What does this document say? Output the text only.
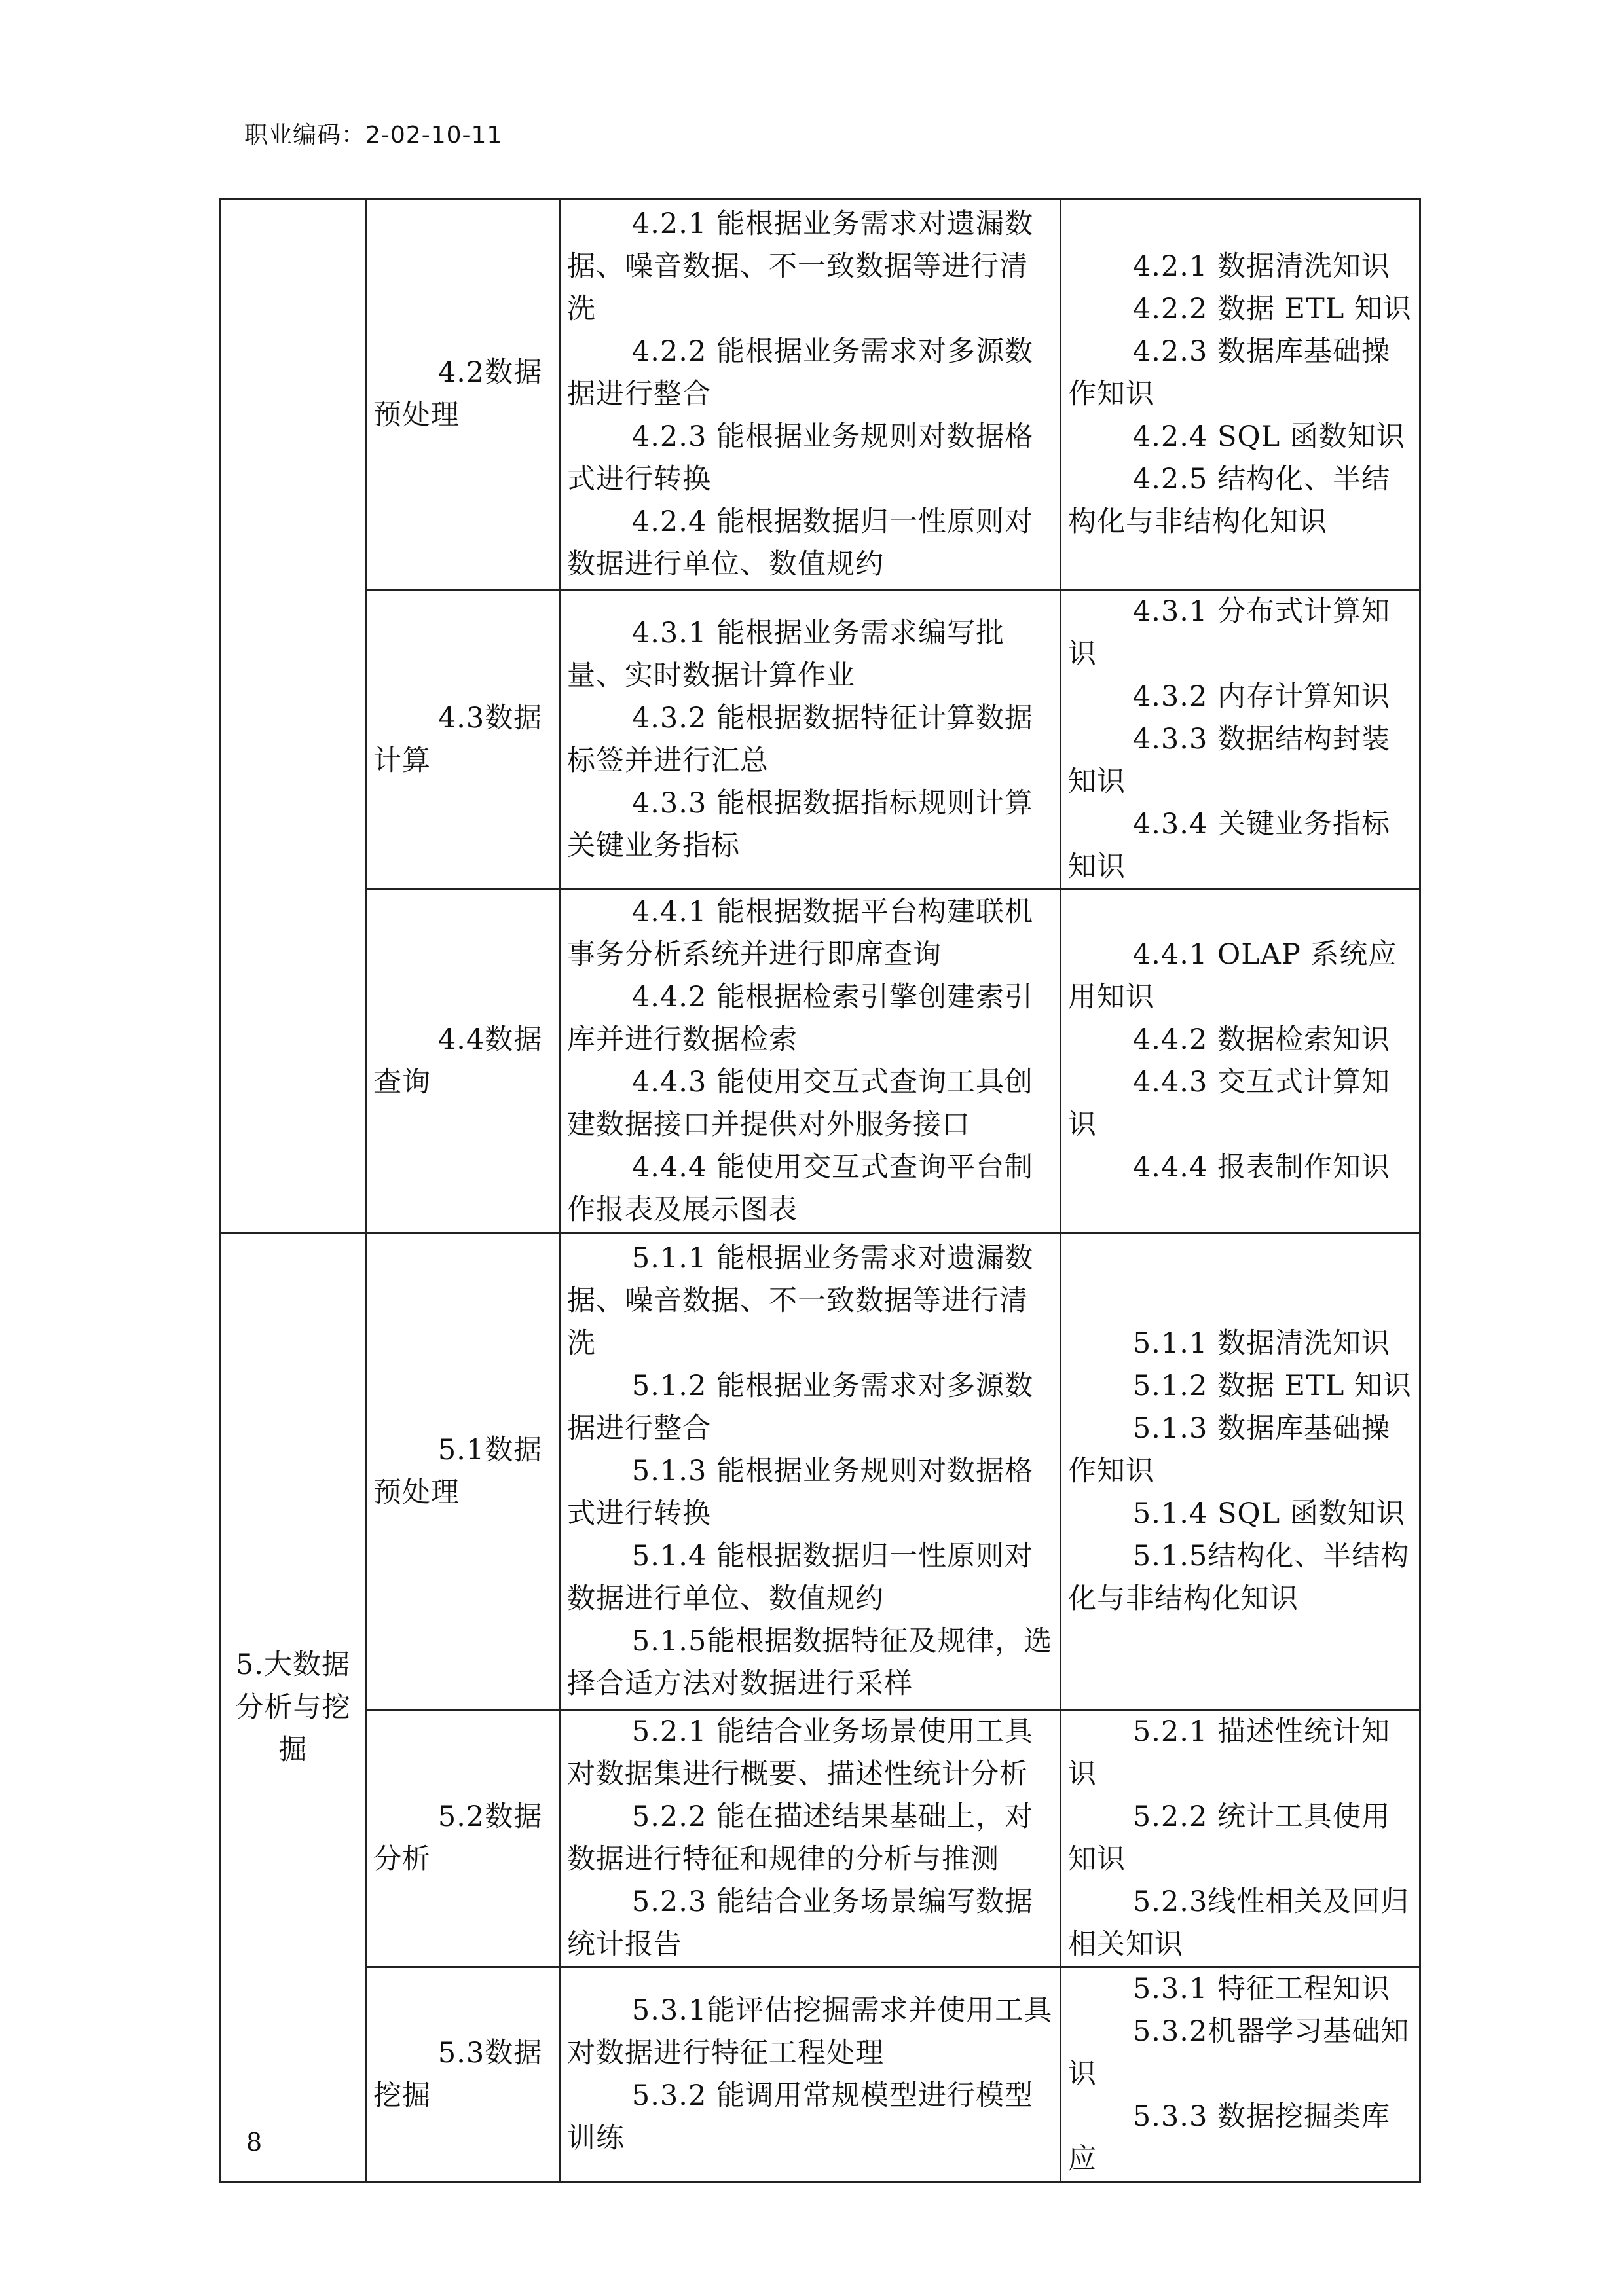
职业编码：2-02-10-11

	4.2数据预处理	4.2.1 能根据业务需求对遗漏数据、噪音数据、不一致数据等进行清洗
4.2.2 能根据业务需求对多源数据进行整合
4.2.3 能根据业务规则对数据格式进行转换
4.2.4 能根据数据归一性原则对数据进行单位、数值规约	4.2.1 数据清洗知识
4.2.2 数据 ETL 知识
4.2.3 数据库基础操作知识
4.2.4 SQL 函数知识
4.2.5 结构化、半结构化与非结构化知识

	4.3数据计算	4.3.1 能根据业务需求编写批量、实时数据计算作业
4.3.2 能根据数据特征计算数据标签并进行汇总
4.3.3 能根据数据指标规则计算关键业务指标	4.3.1 分布式计算知识
4.3.2 内存计算知识
4.3.3 数据结构封装知识
4.3.4 关键业务指标知识

	4.4数据查询	4.4.1 能根据数据平台构建联机事务分析系统并进行即席查询
4.4.2 能根据检索引擎创建索引库并进行数据检索
4.4.3 能使用交互式查询工具创建数据接口并提供对外服务接口
4.4.4 能使用交互式查询平台制作报表及展示图表	4.4.1 OLAP 系统应用知识
4.4.2 数据检索知识
4.4.3 交互式计算知识
4.4.4 报表制作知识

5.大数据分析与挖掘	5.1数据预处理	5.1.1 能根据业务需求对遗漏数据、噪音数据、不一致数据等进行清洗
5.1.2 能根据业务需求对多源数据进行整合
5.1.3 能根据业务规则对数据格式进行转换
5.1.4 能根据数据归一性原则对数据进行单位、数值规约
5.1.5能根据数据特征及规律，选择合适方法对数据进行采样	5.1.1 数据清洗知识
5.1.2 数据 ETL 知识
5.1.3 数据库基础操作知识
5.1.4 SQL 函数知识
5.1.5结构化、半结构化与非结构化知识

	5.2数据分析	5.2.1 能结合业务场景使用工具对数据集进行概要、描述性统计分析
5.2.2 能在描述结果基础上，对数据进行特征和规律的分析与推测
5.2.3 能结合业务场景编写数据统计报告	5.2.1 描述性统计知识
5.2.2 统计工具使用知识
5.2.3线性相关及回归相关知识

	5.3数据挖掘	5.3.1能评估挖掘需求并使用工具对数据进行特征工程处理
5.3.2 能调用常规模型进行模型训练	5.3.1 特征工程知识
5.3.2机器学习基础知识
5.3.3 数据挖掘类库应
8
